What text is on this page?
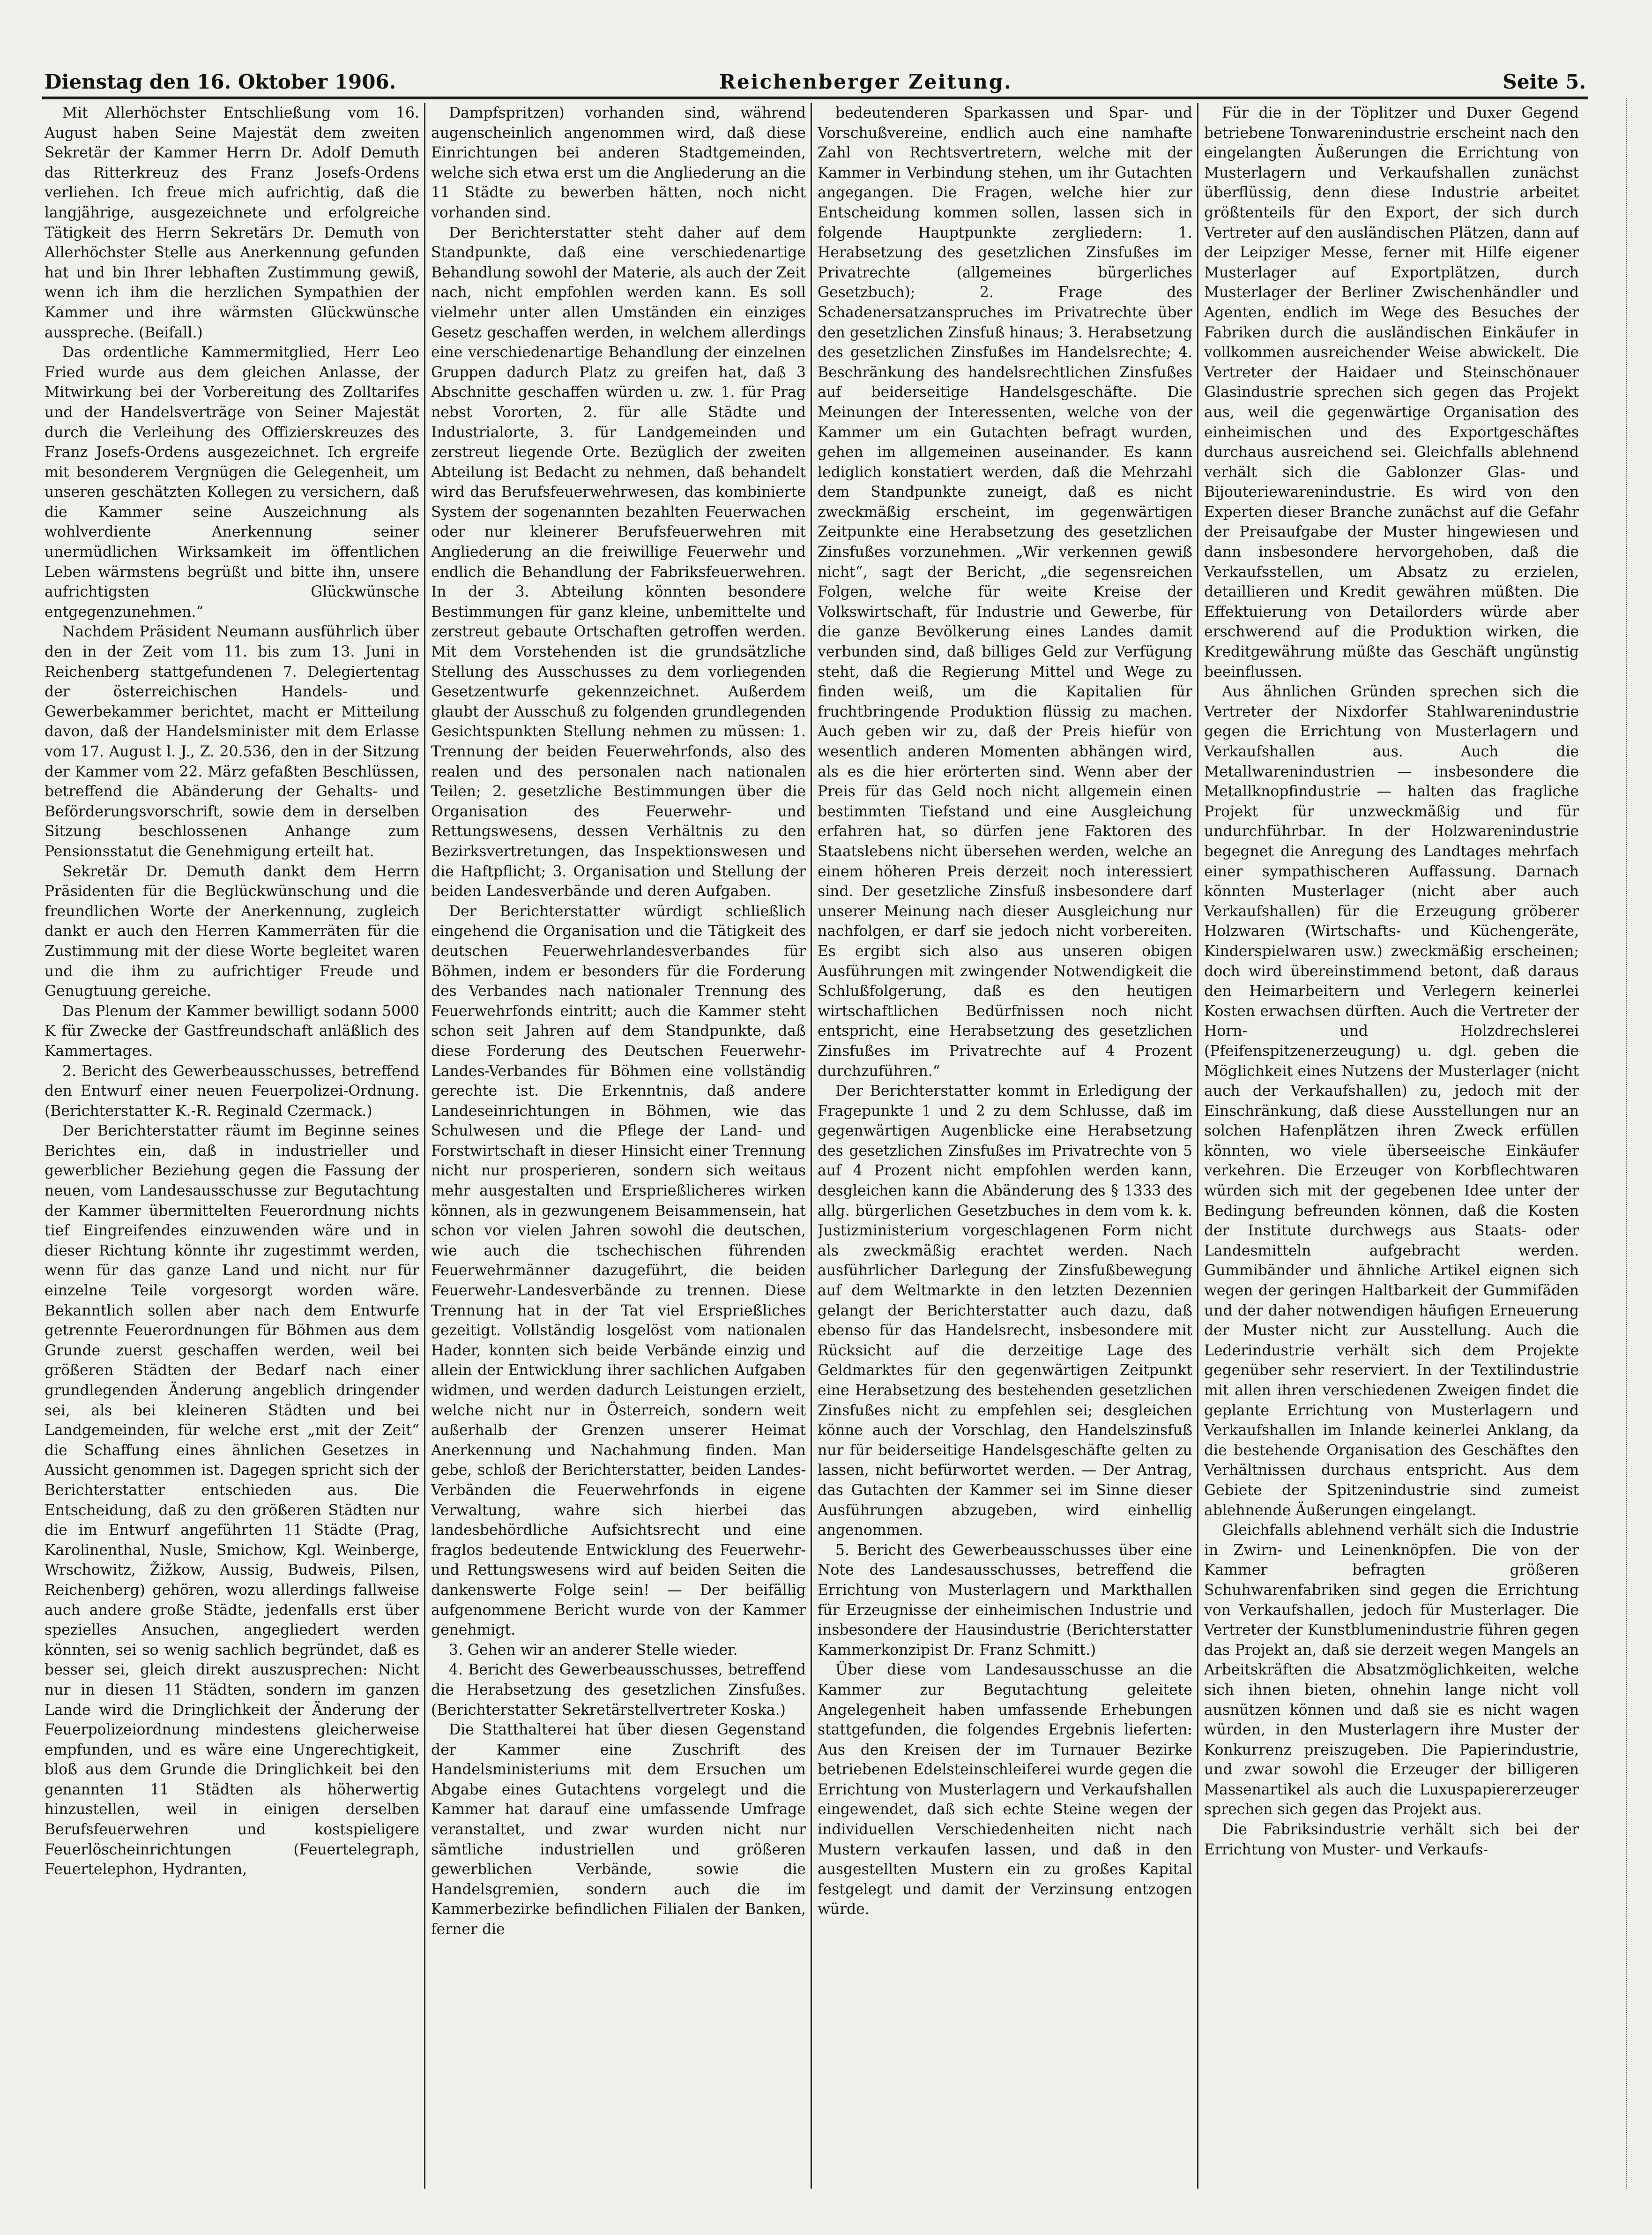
Dienstag den 16. Oktober 1906.	Reichenberger Zeitung.	Seite 5.

Mit Allerhöchster Entschließung vom 16. August haben Seine Majestät dem zweiten Sekretär der Kammer Herrn Dr. Adolf Demuth das Ritterkreuz des Franz Josefs-Ordens verliehen. Ich freue mich aufrichtig, daß die langjährige, ausgezeichnete und erfolgreiche Tätigkeit des Herrn Sekretärs Dr. Demuth von Allerhöchster Stelle aus Anerkennung gefunden hat und bin Ihrer lebhaften Zustimmung gewiß, wenn ich ihm die herzlichen Sympathien der Kammer und ihre wärmsten Glückwünsche ausspreche. (Beifall.)

Das ordentliche Kammermitglied, Herr Leo Fried wurde aus dem gleichen Anlasse, der Mitwirkung bei der Vorbereitung des Zolltarifes und der Handelsverträge von Seiner Majestät durch die Verleihung des Offizierskreuzes des Franz Josefs-Ordens ausgezeichnet. Ich ergreife mit besonderem Vergnügen die Gelegenheit, um unseren geschätzten Kollegen zu versichern, daß die Kammer seine Auszeichnung als wohlverdiente Anerkennung seiner unermüdlichen Wirksamkeit im öffentlichen Leben wärmstens begrüßt und bitte ihn, unsere aufrichtigsten Glückwünsche entgegenzunehmen.“

Nachdem Präsident Neumann ausführlich über den in der Zeit vom 11. bis zum 13. Juni in Reichenberg stattgefundenen 7. Delegiertentag der österreichischen Handels- und Gewerbekammer berichtet, macht er Mitteilung davon, daß der Handelsminister mit dem Erlasse vom 17. August l. J., Z. 20.536, den in der Sitzung der Kammer vom 22. März gefaßten Beschlüssen, betreffend die Abänderung der Gehalts- und Beförderungsvorschrift, sowie dem in derselben Sitzung beschlossenen Anhange zum Pensionsstatut die Genehmigung erteilt hat.

Sekretär Dr. Demuth dankt dem Herrn Präsidenten für die Beglückwünschung und die freundlichen Worte der Anerkennung, zugleich dankt er auch den Herren Kammerräten für die Zustimmung mit der diese Worte begleitet waren und die ihm zu aufrichtiger Freude und Genugtuung gereiche.

Das Plenum der Kammer bewilligt sodann 5000 K für Zwecke der Gastfreundschaft anläßlich des Kammertages.

2. Bericht des Gewerbeausschusses, betreffend den Entwurf einer neuen Feuerpolizei-Ordnung. (Berichterstatter K.-R. Reginald Czermack.)

Der Berichterstatter räumt im Beginne seines Berichtes ein, daß in industrieller und gewerblicher Beziehung gegen die Fassung der neuen, vom Landesausschusse zur Begutachtung der Kammer übermittelten Feuerordnung nichts tief Eingreifendes einzuwenden wäre und in dieser Richtung könnte ihr zugestimmt werden, wenn für das ganze Land und nicht nur für einzelne Teile vorgesorgt worden wäre. Bekanntlich sollen aber nach dem Entwurfe getrennte Feuerordnungen für Böhmen aus dem Grunde zuerst geschaffen werden, weil bei größeren Städten der Bedarf nach einer grundlegenden Änderung angeblich dringender sei, als bei kleineren Städten und bei Landgemeinden, für welche erst „mit der Zeit“ die Schaffung eines ähnlichen Gesetzes in Aussicht genommen ist. Dagegen spricht sich der Berichterstatter entschieden aus. Die Entscheidung, daß zu den größeren Städten nur die im Entwurf angeführten 11 Städte (Prag, Karolinenthal, Nusle, Smichow, Kgl. Weinberge, Wrschowitz, Žižkow, Aussig, Budweis, Pilsen, Reichenberg) gehören, wozu allerdings fallweise auch andere große Städte, jedenfalls erst über spezielles Ansuchen, angegliedert werden könnten, sei so wenig sachlich begründet, daß es besser sei, gleich direkt auszusprechen: Nicht nur in diesen 11 Städten, sondern im ganzen Lande wird die Dringlichkeit der Änderung der Feuerpolizeiordnung mindestens gleicherweise empfunden, und es wäre eine Ungerechtigkeit, bloß aus dem Grunde die Dringlichkeit bei den genannten 11 Städten als höherwertig hinzustellen, weil in einigen derselben Berufsfeuerwehren und kostspieligere Feuerlöscheinrichtungen (Feuertelegraph, Feuertelephon, Hydranten,

Dampfspritzen) vorhanden sind, während augenscheinlich angenommen wird, daß diese Einrichtungen bei anderen Stadtgemeinden, welche sich etwa erst um die Angliederung an die 11 Städte zu bewerben hätten, noch nicht vorhanden sind.

Der Berichterstatter steht daher auf dem Standpunkte, daß eine verschiedenartige Behandlung sowohl der Materie, als auch der Zeit nach, nicht empfohlen werden kann. Es soll vielmehr unter allen Umständen ein einziges Gesetz geschaffen werden, in welchem allerdings eine verschiedenartige Behandlung der einzelnen Gruppen dadurch Platz zu greifen hat, daß 3 Abschnitte geschaffen würden u. zw. 1. für Prag nebst Vororten, 2. für alle Städte und Industrialorte, 3. für Landgemeinden und zerstreut liegende Orte. Bezüglich der zweiten Abteilung ist Bedacht zu nehmen, daß behandelt wird das Berufsfeuerwehrwesen, das kombinierte System der sogenannten bezahlten Feuerwachen oder nur kleinerer Berufsfeuerwehren mit Angliederung an die freiwillige Feuerwehr und endlich die Behandlung der Fabriksfeuerwehren. In der 3. Abteilung könnten besondere Bestimmungen für ganz kleine, unbemittelte und zerstreut gebaute Ortschaften getroffen werden. Mit dem Vorstehenden ist die grundsätzliche Stellung des Ausschusses zu dem vorliegenden Gesetzentwurfe gekennzeichnet. Außerdem glaubt der Ausschuß zu folgenden grundlegenden Gesichtspunkten Stellung nehmen zu müssen: 1. Trennung der beiden Feuerwehrfonds, also des realen und des personalen nach nationalen Teilen; 2. gesetzliche Bestimmungen über die Organisation des Feuerwehr- und Rettungswesens, dessen Verhältnis zu den Bezirksvertretungen, das Inspektionswesen und die Haftpflicht; 3. Organisation und Stellung der beiden Landesverbände und deren Aufgaben.

Der Berichterstatter würdigt schließlich eingehend die Organisation und die Tätigkeit des deutschen Feuerwehrlandesverbandes für Böhmen, indem er besonders für die Forderung des Verbandes nach nationaler Trennung des Feuerwehrfonds eintritt; auch die Kammer steht schon seit Jahren auf dem Standpunkte, daß diese Forderung des Deutschen Feuerwehr-Landes-Verbandes für Böhmen eine vollständig gerechte ist. Die Erkenntnis, daß andere Landeseinrichtungen in Böhmen, wie das Schulwesen und die Pflege der Land- und Forstwirtschaft in dieser Hinsicht einer Trennung nicht nur prosperieren, sondern sich weitaus mehr ausgestalten und Ersprießlicheres wirken können, als in gezwungenem Beisammensein, hat schon vor vielen Jahren sowohl die deutschen, wie auch die tschechischen führenden Feuerwehrmänner dazugeführt, die beiden Feuerwehr-Landesverbände zu trennen. Diese Trennung hat in der Tat viel Ersprießliches gezeitigt. Vollständig losgelöst vom nationalen Hader, konnten sich beide Verbände einzig und allein der Entwicklung ihrer sachlichen Aufgaben widmen, und werden dadurch Leistungen erzielt, welche nicht nur in Österreich, sondern weit außerhalb der Grenzen unserer Heimat Anerkennung und Nachahmung finden. Man gebe, schloß der Berichterstatter, beiden Landes-Verbänden die Feuerwehrfonds in eigene Verwaltung, wahre sich hierbei das landesbehördliche Aufsichtsrecht und eine fraglos bedeutende Entwicklung des Feuerwehr- und Rettungswesens wird auf beiden Seiten die dankenswerte Folge sein! — Der beifällig aufgenommene Bericht wurde von der Kammer genehmigt.

3. Gehen wir an anderer Stelle wieder.

4. Bericht des Gewerbeausschusses, betreffend die Herabsetzung des gesetzlichen Zinsfußes. (Berichterstatter Sekretärstellvertreter Koska.)

Die Statthalterei hat über diesen Gegenstand der Kammer eine Zuschrift des Handelsministeriums mit dem Ersuchen um Abgabe eines Gutachtens vorgelegt und die Kammer hat darauf eine umfassende Umfrage veranstaltet, und zwar wurden nicht nur sämtliche industriellen und größeren gewerblichen Verbände, sowie die Handelsgremien, sondern auch die im Kammerbezirke befindlichen Filialen der Banken, ferner die

bedeutenderen Sparkassen und Spar- und Vorschußvereine, endlich auch eine namhafte Zahl von Rechtsvertretern, welche mit der Kammer in Verbindung stehen, um ihr Gutachten angegangen. Die Fragen, welche hier zur Entscheidung kommen sollen, lassen sich in folgende Hauptpunkte zergliedern: 1. Herabsetzung des gesetzlichen Zinsfußes im Privatrechte (allgemeines bürgerliches Gesetzbuch); 2. Frage des Schadenersatzanspruches im Privatrechte über den gesetzlichen Zinsfuß hinaus; 3. Herabsetzung des gesetzlichen Zinsfußes im Handelsrechte; 4. Beschränkung des handelsrechtlichen Zinsfußes auf beiderseitige Handelsgeschäfte. Die Meinungen der Interessenten, welche von der Kammer um ein Gutachten befragt wurden, gehen im allgemeinen auseinander. Es kann lediglich konstatiert werden, daß die Mehrzahl dem Standpunkte zuneigt, daß es nicht zweckmäßig erscheint, im gegenwärtigen Zeitpunkte eine Herabsetzung des gesetzlichen Zinsfußes vorzunehmen. „Wir verkennen gewiß nicht“, sagt der Bericht, „die segensreichen Folgen, welche für weite Kreise der Volkswirtschaft, für Industrie und Gewerbe, für die ganze Bevölkerung eines Landes damit verbunden sind, daß billiges Geld zur Verfügung steht, daß die Regierung Mittel und Wege zu finden weiß, um die Kapitalien für fruchtbringende Produktion flüssig zu machen. Auch geben wir zu, daß der Preis hiefür von wesentlich anderen Momenten abhängen wird, als es die hier erörterten sind. Wenn aber der Preis für das Geld noch nicht allgemein einen bestimmten Tiefstand und eine Ausgleichung erfahren hat, so dürfen jene Faktoren des Staatslebens nicht übersehen werden, welche an einem höheren Preis derzeit noch interessiert sind. Der gesetzliche Zinsfuß insbesondere darf unserer Meinung nach dieser Ausgleichung nur nachfolgen, er darf sie jedoch nicht vorbereiten. Es ergibt sich also aus unseren obigen Ausführungen mit zwingender Notwendigkeit die Schlußfolgerung, daß es den heutigen wirtschaftlichen Bedürfnissen noch nicht entspricht, eine Herabsetzung des gesetzlichen Zinsfußes im Privatrechte auf 4 Prozent durchzuführen.“

Der Berichterstatter kommt in Erledigung der Fragepunkte 1 und 2 zu dem Schlusse, daß im gegenwärtigen Augenblicke eine Herabsetzung des gesetzlichen Zinsfußes im Privatrechte von 5 auf 4 Prozent nicht empfohlen werden kann, desgleichen kann die Abänderung des § 1333 des allg. bürgerlichen Gesetzbuches in dem vom k. k. Justizministerium vorgeschlagenen Form nicht als zweckmäßig erachtet werden. Nach ausführlicher Darlegung der Zinsfußbewegung auf dem Weltmarkte in den letzten Dezennien gelangt der Berichterstatter auch dazu, daß ebenso für das Handelsrecht, insbesondere mit Rücksicht auf die derzeitige Lage des Geldmarktes für den gegenwärtigen Zeitpunkt eine Herabsetzung des bestehenden gesetzlichen Zinsfußes nicht zu empfehlen sei; desgleichen könne auch der Vorschlag, den Handelszinsfuß nur für beiderseitige Handelsgeschäfte gelten zu lassen, nicht befürwortet werden. — Der Antrag, das Gutachten der Kammer sei im Sinne dieser Ausführungen abzugeben, wird einhellig angenommen.

5. Bericht des Gewerbeausschusses über eine Note des Landesausschusses, betreffend die Errichtung von Musterlagern und Markthallen für Erzeugnisse der einheimischen Industrie und insbesondere der Hausindustrie (Berichterstatter Kammerkonzipist Dr. Franz Schmitt.)

Über diese vom Landesausschusse an die Kammer zur Begutachtung geleitete Angelegenheit haben umfassende Erhebungen stattgefunden, die folgendes Ergebnis lieferten: Aus den Kreisen der im Turnauer Bezirke betriebenen Edelsteinschleiferei wurde gegen die Errichtung von Musterlagern und Verkaufshallen eingewendet, daß sich echte Steine wegen der individuellen Verschiedenheiten nicht nach Mustern verkaufen lassen, und daß in den ausgestellten Mustern ein zu großes Kapital festgelegt und damit der Verzinsung entzogen würde.

Für die in der Töplitzer und Duxer Gegend betriebene Tonwarenindustrie erscheint nach den eingelangten Äußerungen die Errichtung von Musterlagern und Verkaufshallen zunächst überflüssig, denn diese Industrie arbeitet größtenteils für den Export, der sich durch Vertreter auf den ausländischen Plätzen, dann auf der Leipziger Messe, ferner mit Hilfe eigener Musterlager auf Exportplätzen, durch Musterlager der Berliner Zwischenhändler und Agenten, endlich im Wege des Besuches der Fabriken durch die ausländischen Einkäufer in vollkommen ausreichender Weise abwickelt. Die Vertreter der Haidaer und Steinschönauer Glasindustrie sprechen sich gegen das Projekt aus, weil die gegenwärtige Organisation des einheimischen und des Exportgeschäftes durchaus ausreichend sei. Gleichfalls ablehnend verhält sich die Gablonzer Glas- und Bijouteriewarenindustrie. Es wird von den Experten dieser Branche zunächst auf die Gefahr der Preisaufgabe der Muster hingewiesen und dann insbesondere hervorgehoben, daß die Verkaufsstellen, um Absatz zu erzielen, detaillieren und Kredit gewähren müßten. Die Effektuierung von Detailorders würde aber erschwerend auf die Produktion wirken, die Kreditgewährung müßte das Geschäft ungünstig beeinflussen.

Aus ähnlichen Gründen sprechen sich die Vertreter der Nixdorfer Stahlwarenindustrie gegen die Errichtung von Musterlagern und Verkaufshallen aus. Auch die Metallwarenindustrien — insbesondere die Metallknopfindustrie — halten das fragliche Projekt für unzweckmäßig und für undurchführbar. In der Holzwarenindustrie begegnet die Anregung des Landtages mehrfach einer sympathischeren Auffassung. Darnach könnten Musterlager (nicht aber auch Verkaufshallen) für die Erzeugung gröberer Holzwaren (Wirtschafts- und Küchengeräte, Kinderspielwaren usw.) zweckmäßig erscheinen; doch wird übereinstimmend betont, daß daraus den Heimarbeitern und Verlegern keinerlei Kosten erwachsen dürften. Auch die Vertreter der Horn- und Holzdrechslerei (Pfeifenspitzenerzeugung) u. dgl. geben die Möglichkeit eines Nutzens der Musterlager (nicht auch der Verkaufshallen) zu, jedoch mit der Einschränkung, daß diese Ausstellungen nur an solchen Hafenplätzen ihren Zweck erfüllen könnten, wo viele überseeische Einkäufer verkehren. Die Erzeuger von Korbflechtwaren würden sich mit der gegebenen Idee unter der Bedingung befreunden können, daß die Kosten der Institute durchwegs aus Staats- oder Landesmitteln aufgebracht werden. Gummibänder und ähnliche Artikel eignen sich wegen der geringen Haltbarkeit der Gummifäden und der daher notwendigen häufigen Erneuerung der Muster nicht zur Ausstellung. Auch die Lederindustrie verhält sich dem Projekte gegenüber sehr reserviert. In der Textilindustrie mit allen ihren verschiedenen Zweigen findet die geplante Errichtung von Musterlagern und Verkaufshallen im Inlande keinerlei Anklang, da die bestehende Organisation des Geschäftes den Verhältnissen durchaus entspricht. Aus dem Gebiete der Spitzenindustrie sind zumeist ablehnende Äußerungen eingelangt.

Gleichfalls ablehnend verhält sich die Industrie in Zwirn- und Leinenknöpfen. Die von der Kammer befragten größeren Schuhwarenfabriken sind gegen die Errichtung von Verkaufshallen, jedoch für Musterlager. Die Vertreter der Kunstblumenindustrie führen gegen das Projekt an, daß sie derzeit wegen Mangels an Arbeitskräften die Absatzmöglichkeiten, welche sich ihnen bieten, ohnehin lange nicht voll ausnützen können und daß sie es nicht wagen würden, in den Musterlagern ihre Muster der Konkurrenz preiszugeben. Die Papierindustrie, und zwar sowohl die Erzeuger der billigeren Massenartikel als auch die Luxuspapiererzeuger sprechen sich gegen das Projekt aus.

Die Fabriksindustrie verhält sich bei der Errichtung von Muster- und Verkaufs-
